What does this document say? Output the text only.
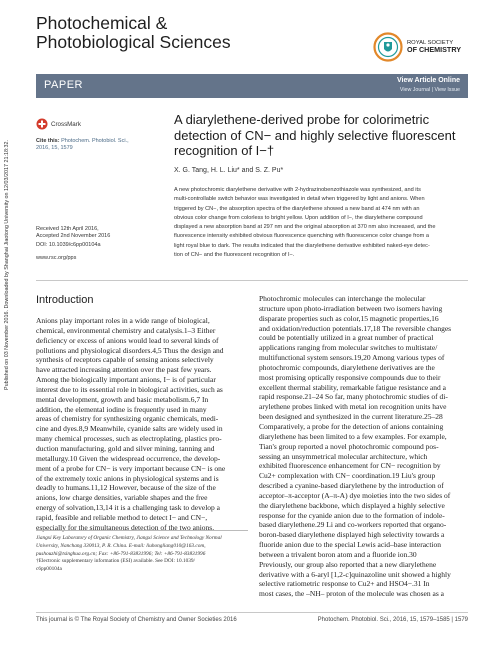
Published on 03 November 2016. Downloaded by Shanghai Jiaotong University on 12/03/2017 21:18:32.
Photochemical &
Photobiological Sciences	ROYAL SOCIETY
OF CHEMISTRY
PAPER	View Article Online
View Journal | View Issue
CrossMark
Cite this: Photochem. Photobiol. Sci.,
2016, 15, 1579
Received 12th April 2016,
Accepted 2nd November 2016
DOI: 10.1039/c6pp00104a
www.rsc.org/pps
A diarylethene-derived probe for colorimetric
detection of CN− and highly selective fluorescent
recognition of I−†
X. G. Tang, H. L. Liu* and S. Z. Pu*
A new photochromic diarylethene derivative with 2-hydrazinobenzothiazole was synthesized, and its
multi-controllable switch behavior was investigated in detail when triggered by light and anions. When
triggered by CN−, the absorption spectra of the diarylethene showed a new band at 474 nm with an
obvious color change from colorless to bright yellow. Upon addition of I−, the diarylethene compound
displayed a new absorption band at 297 nm and the original absorption at 370 nm also increased, and the
fluorescence intensity exhibited obvious fluorescence quenching with fluorescence color change from a
light royal blue to dark. The results indicated that the diarylethene derivative exhibited naked-eye detec-
tion of CN− and the fluorescent recognition of I−.
Introduction
Anions play important roles in a wide range of biological,
chemical, environmental chemistry and catalysis.1–3 Either
deficiency or excess of anions would lead to several kinds of
pollutions and physiological disorders.4,5 Thus the design and
synthesis of receptors capable of sensing anions selectively
have attracted increasing attention over the past few years.
Among the biologically important anions, I− is of particular
interest due to its essential role in biological activities, such as
mental development, growth and basic metabolism.6,7 In
addition, the elemental iodine is frequently used in many
areas of chemistry for synthesizing organic chemicals, medi-
cine and dyes.8,9 Meanwhile, cyanide salts are widely used in
many chemical processes, such as electroplating, plastics pro-
duction manufacturing, gold and silver mining, tanning and
metallurgy.10 Given the widespread occurrence, the develop-
ment of a probe for CN− is very important because CN− is one
of the extremely toxic anions in physiological systems and is
deadly to humans.11,12 However, because of the size of the
anions, low charge densities, variable shapes and the free
energy of solvation,13,14 it is a challenging task to develop a
rapid, feasible and reliable method to detect I− and CN−,
especially for the simultaneous detection of the two anions.
Photochromic molecules can interchange the molecular
structure upon photo-irradiation between two isomers having
disparate properties such as color,15 magnetic properties,16
and oxidation/reduction potentials.17,18 The reversible changes
could be potentially utilized in a great number of practical
applications ranging from molecular switches to multistate/
multifunctional system sensors.19,20 Among various types of
photochromic compounds, diarylethene derivatives are the
most promising optically responsive compounds due to their
excellent thermal stability, remarkable fatigue resistance and a
rapid response.21–24 So far, many photochromic studies of di-
arylethene probes linked with metal ion recognition units have
been designed and synthesized in the current literature.25–28
Comparatively, a probe for the detection of anions containing
diarylethene has been limited to a few examples. For example,
Tian's group reported a novel photochromic compound pos-
sessing an unsymmetrical molecular architecture, which
exhibited fluorescence enhancement for CN− recognition by
Cu2+ complexation with CN− coordination.19 Liu's group
described a cyanine-based diarylethene by the introduction of
acceptor–π-acceptor (A–π-A) dye moieties into the two sides of
the diarylethene backbone, which displayed a highly selective
response for the cyanide anion due to the formation of indole-
based diarylethene.29 Li and co-workers reported that organo-
boron-based diarylethene displayed high selectivity towards a
fluoride anion due to the special Lewis acid–base interaction
between a trivalent boron atom and a fluoride ion.30
Previously, our group also reported that a new diarylethene
derivative with a 6-aryl [1,2-c]quinazoline unit showed a highly
selective ratiometric response to Cu2+ and HSO4−.31 In
most cases, the –NH– proton of the molecule was chosen as a
Jiangxi Key Laboratory of Organic Chemistry, Jiangxi Science and Technology Normal
University, Nanchang 330013, P. R. China. E-mail: liuhongliang010@163.com,
pushouzhi@tsinghua.org.cn; Fax: +86-791-83831996; Tel: +86-791-83831996
†Electronic supplementary information (ESI) available. See DOI: 10.1039/
c6pp00104a
This journal is © The Royal Society of Chemistry and Owner Societies 2016	Photochem. Photobiol. Sci., 2016, 15, 1579–1585 | 1579
